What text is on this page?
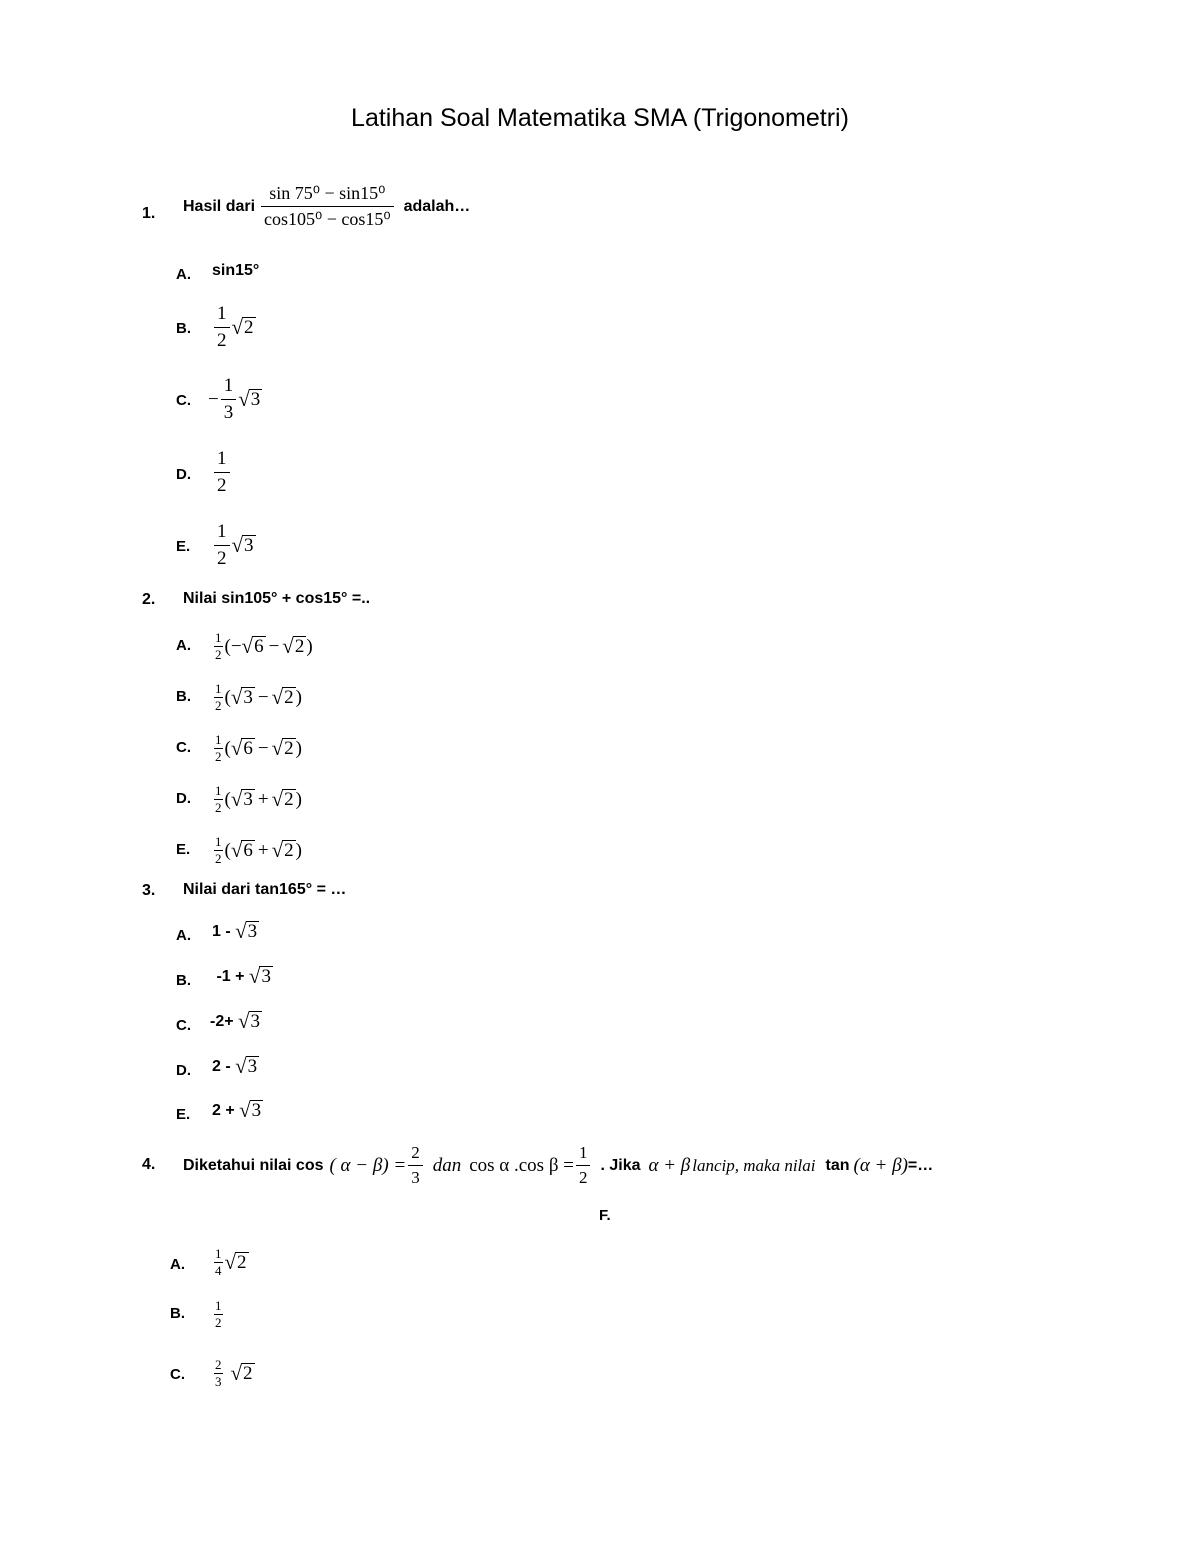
Latihan Soal Matematika SMA (Trigonometri)
1. Hasil dari $\frac{\text{sin 75⁰ − sin15⁰}}{\text{cos105⁰ − cos15⁰}}$ adalah…
A. sin15°
B. $\frac{1}{2}$ √ 2
C. − $\frac{1}{3}$ √ 3
D. $\frac{1}{2}$
E. $\frac{1}{2}$ √ 3
2. Nilai sin105° + cos15° =..
A. $\frac{1}{2}$ (− √ 6 − √ 2 )
B. $\frac{1}{2}$ ( √ 3 − √ 2 )
C. $\frac{1}{2}$ ( √ 6 − √ 2 )
D. $\frac{1}{2}$ ( √ 3 + √ 2 )
E. $\frac{1}{2}$ ( √ 6 + √ 2 )
3. Nilai dari tan165° = …
A. 1 - √ 3
B. -1 + √ 3
C. -2+ √ 3
D. 2 - √ 3
E. 2 + √ 3
4. Diketahui nilai cos ( $\alpha - \beta) = \frac{2}{3}$ dan cos α .cos $\beta = \frac{1}{2}$ . Jika α + β lancip, maka nilai tan (α + β) =…
F.
A. $\frac{1}{4}$ √ 2
B. $\frac{1}{2}$
C. $\frac{2}{3}$ √ 2
